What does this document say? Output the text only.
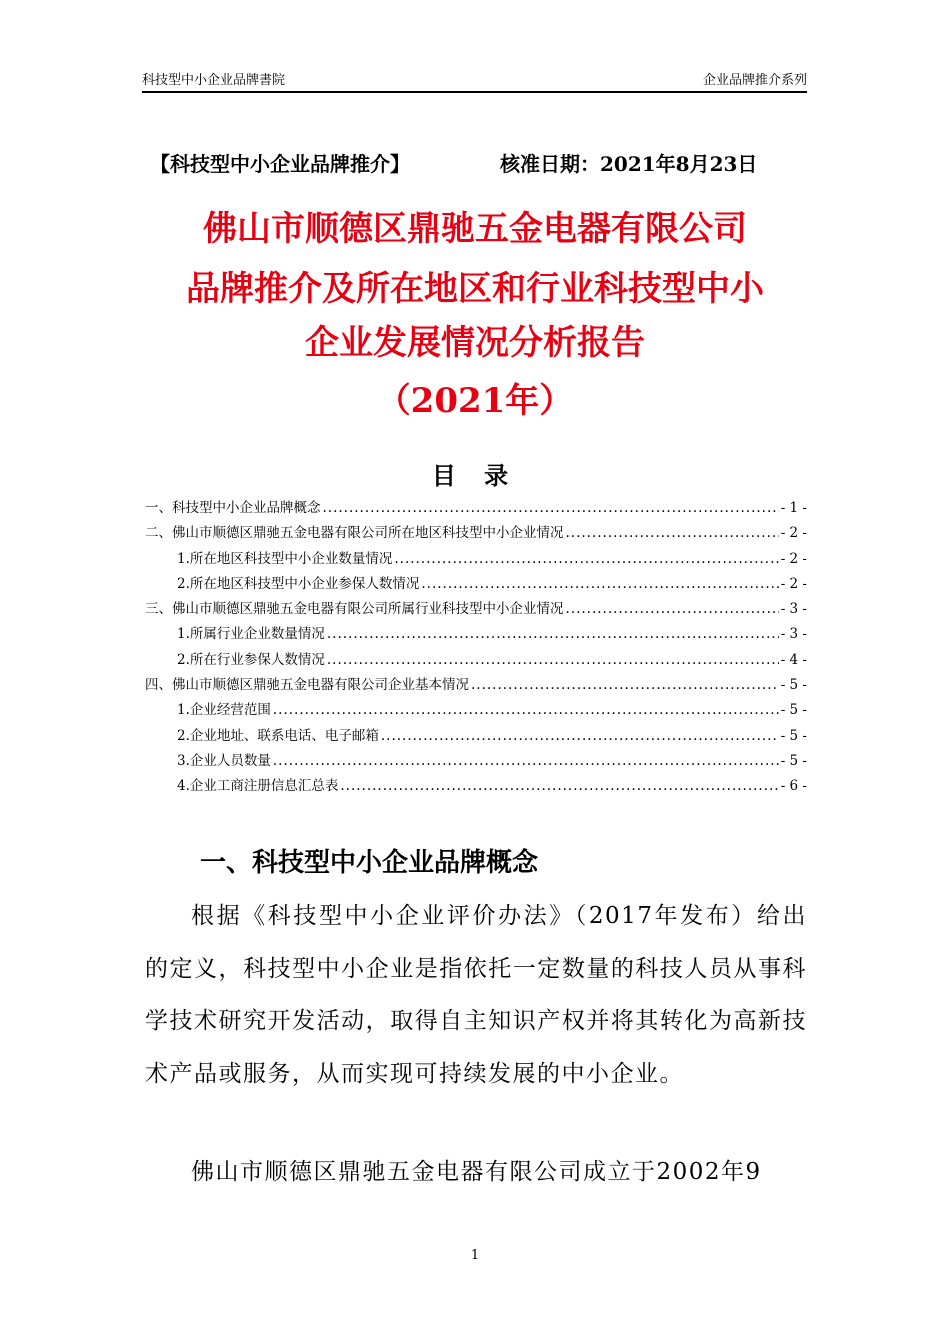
科技型中小企业品牌書院	企业品牌推介系列
【科技型中小企业品牌推介】	核准日期：2021年8月23日
佛山市顺德区鼎驰五金电器有限公司
品牌推介及所在地区和行业科技型中小
企业发展情况分析报告
（2021年）
目 录
一、科技型中小企业品牌概念 .....	- 1 -
二、佛山市顺德区鼎驰五金电器有限公司所在地区科技型中小企业情况 .....	- 2 -
1.所在地区科技型中小企业数量情况 .....	- 2 -
2.所在地区科技型中小企业参保人数情况 .....	- 2 -
三、佛山市顺德区鼎驰五金电器有限公司所属行业科技型中小企业情况 .....	- 3 -
1.所属行业企业数量情况 .....	- 3 -
2.所在行业参保人数情况 .....	- 4 -
四、佛山市顺德区鼎驰五金电器有限公司企业基本情况 .....	- 5 -
1.企业经营范围 .....	- 5 -
2.企业地址、联系电话、电子邮箱 .....	- 5 -
3.企业人员数量 .....	- 5 -
4.企业工商注册信息汇总表 .....	- 6 -
一、科技型中小企业品牌概念

根据《科技型中小企业评价办法》（2017年发布）给出的定义，科技型中小企业是指依托一定数量的科技人员从事科学技术研究开发活动，取得自主知识产权并将其转化为高新技术产品或服务，从而实现可持续发展的中小企业。

佛山市顺德区鼎驰五金电器有限公司成立于2002年9

1
